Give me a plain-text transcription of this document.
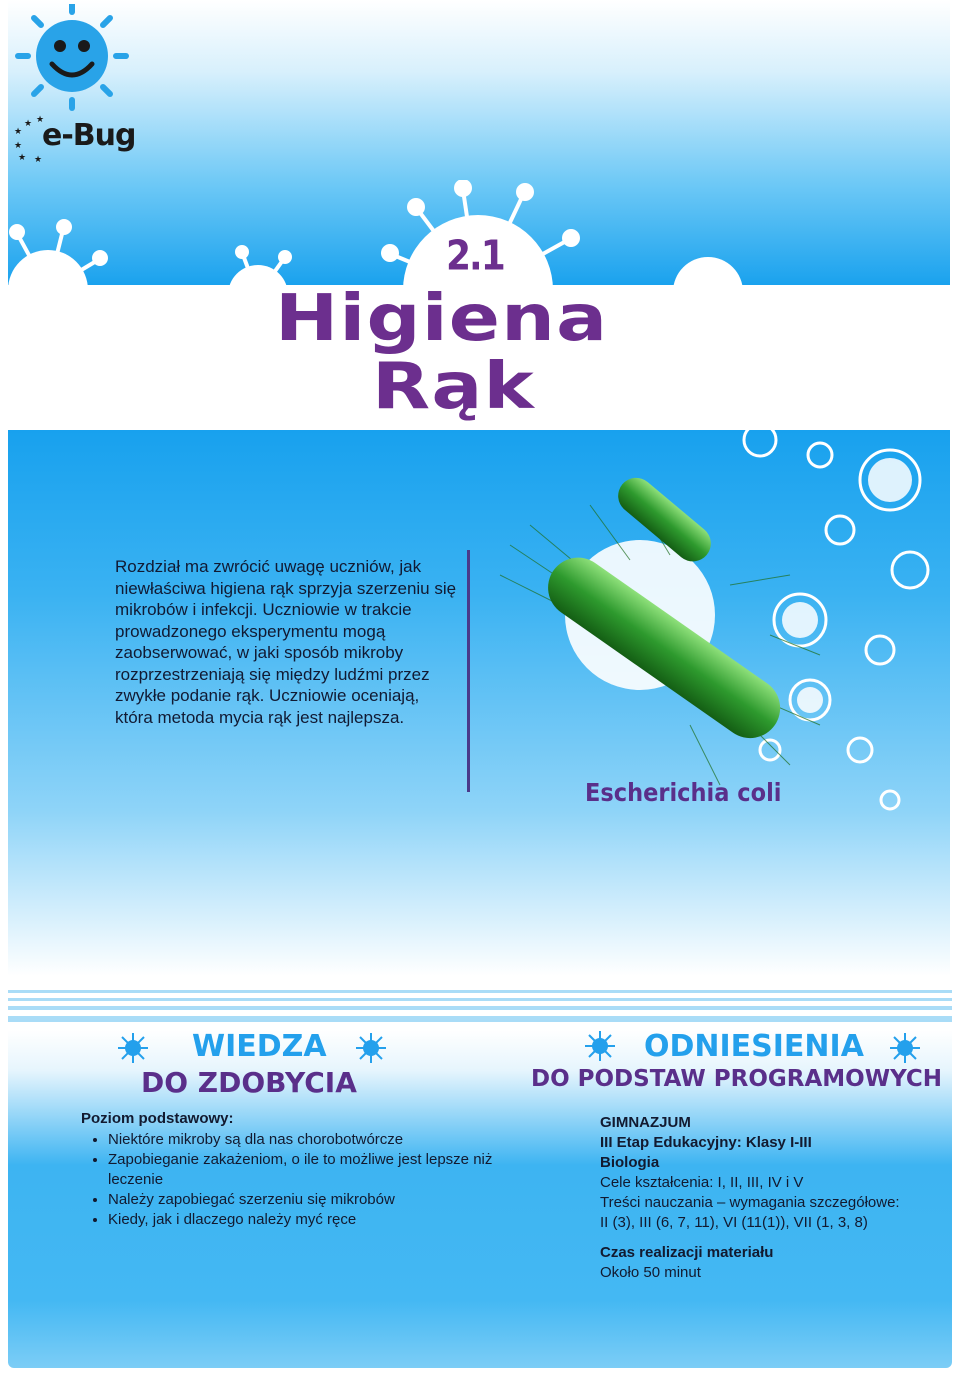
★
★ ★
★
★ ★
e-Bug
2.1
Higiena
Rąk
Rozdział ma zwrócić uwagę uczniów, jak niewłaściwa higiena rąk sprzyja szerzeniu się mikrobów i infekcji. Uczniowie w trakcie prowadzonego eksperymentu mogą zaobserwować, w jaki sposób mikroby rozprzestrzeniają się między ludźmi przez zwykłe podanie rąk. Uczniowie oceniają, która metoda mycia rąk jest najlepsza.
Escherichia coli
WIEDZA
DO ZDOBYCIA
Poziom podstawowy:
• Niektóre mikroby są dla nas chorobotwórcze
• Zapobieganie zakażeniom, o ile to możliwe jest lepsze niż leczenie
• Należy zapobiegać szerzeniu się mikrobów
• Kiedy, jak i dlaczego należy myć ręce
ODNIESIENIA
DO PODSTAW PROGRAMOWYCH
GIMNAZJUM
III Etap Edukacyjny: Klasy I-III
Biologia
Cele kształcenia: I, II, III, IV i V
Treści nauczania – wymagania szczegółowe: II (3), III (6, 7, 11), VI (11(1)), VII (1, 3, 8)
Czas realizacji materiału
Około 50 minut
